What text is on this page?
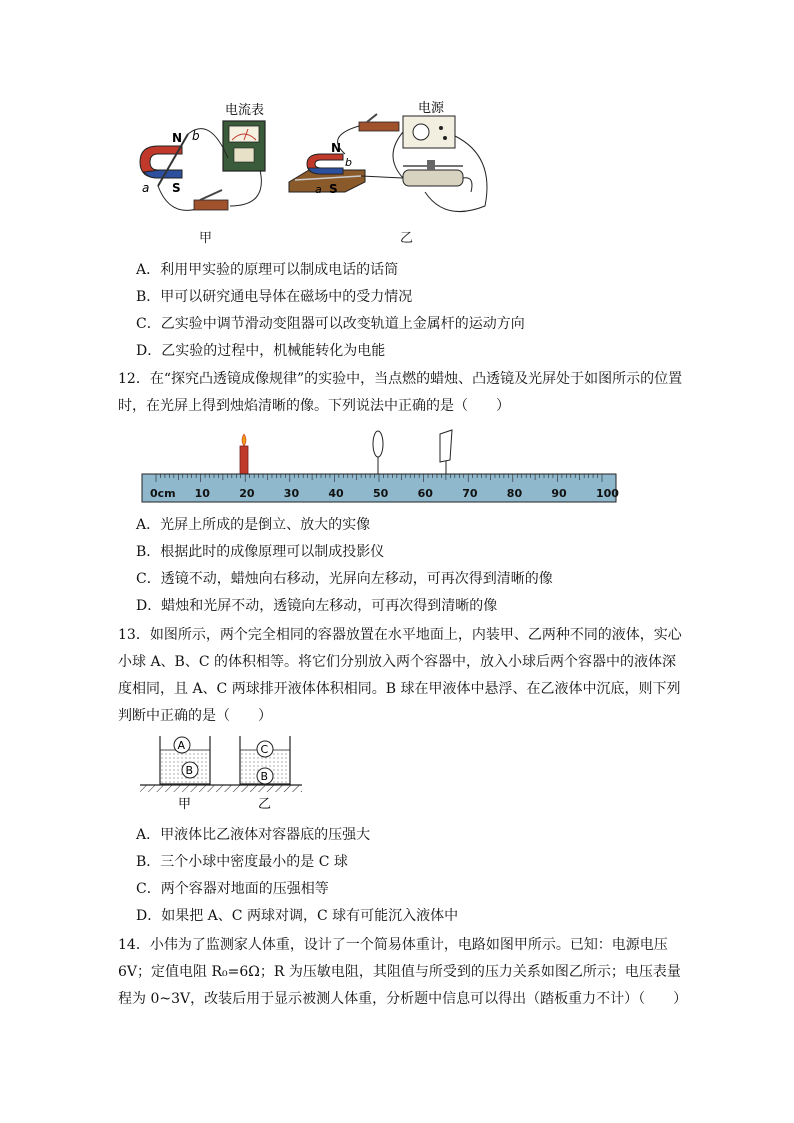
电流表
N
S
b
a
甲
电源
N
S
b
a
乙
A．利用甲实验的原理可以制成电话的话筒
B．甲可以研究通电导体在磁场中的受力情况
C．乙实验中调节滑动变阻器可以改变轨道上金属杆的运动方向
D．乙实验的过程中，机械能转化为电能
12．在“探究凸透镜成像规律”的实验中，当点燃的蜡烛、凸透镜及光屏处于如图所示的位置
时，在光屏上得到烛焰清晰的像。下列说法中正确的是（　　）
0cm 10	20	30	40	50	60	70	80	90	100
A．光屏上所成的是倒立、放大的实像
B．根据此时的成像原理可以制成投影仪
C．透镜不动，蜡烛向右移动，光屏向左移动，可再次得到清晰的像
D．蜡烛和光屏不动，透镜向左移动，可再次得到清晰的像
13．如图所示，两个完全相同的容器放置在水平地面上，内装甲、乙两种不同的液体，实心
小球 A、B、C 的体积相等。将它们分别放入两个容器中，放入小球后两个容器中的液体深
度相同，且 A、C 两球排开液体体积相同。B 球在甲液体中悬浮、在乙液体中沉底，则下列
判断中正确的是（　　）
A
B
C
B
甲	乙
A．甲液体比乙液体对容器底的压强大
B．三个小球中密度最小的是 C 球
C．两个容器对地面的压强相等
D．如果把 A、C 两球对调，C 球有可能沉入液体中
14．小伟为了监测家人体重，设计了一个简易体重计，电路如图甲所示。已知：电源电压
6V；定值电阻 R₀=6Ω；R 为压敏电阻，其阻值与所受到的压力关系如图乙所示；电压表量
程为 0~3V，改装后用于显示被测人体重，分析题中信息可以得出（踏板重力不计）（　　）
